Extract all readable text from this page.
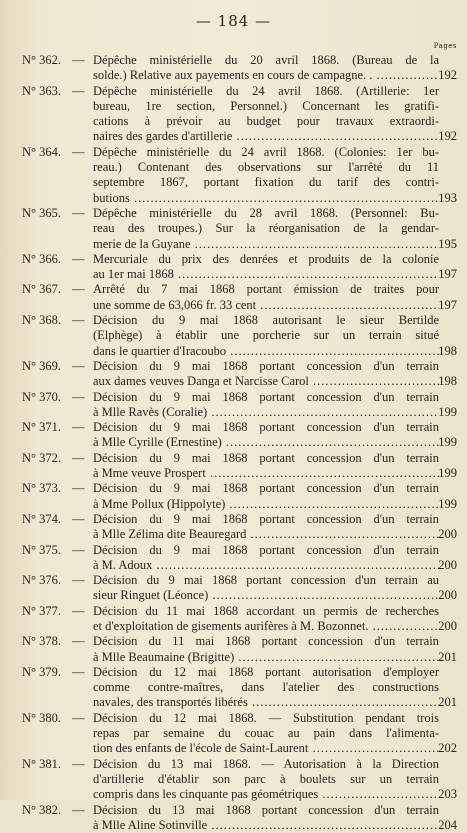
— 184 —
Pages
N° 362. — Dépêche ministérielle du 20 avril 1868. (Bureau de la
solde.) Relative aux payements en cours de campagne. . .....	192
N° 363. — Dépêche ministérielle du 24 avril 1868. (Artillerie: 1er
bureau, 1re section, Personnel.) Concernant les gratifi-
cations à prévoir au budget pour travaux extraordi-
naires des gardes d'artillerie .....	192
N° 364. — Dépêche ministérielle du 24 avril 1868. (Colonies: 1er bu-
reau.) Contenant des observations sur l'arrêté du 11
septembre 1867, portant fixation du tarif des contri-
butions .....	193
N° 365. — Dépêche ministérielle du 28 avril 1868. (Personnel: Bu-
reau des troupes.) Sur la réorganisation de la gendar-
merie de la Guyane .....	195
N° 366. — Mercuriale du prix des denrées et produits de la colonie
au 1er mai 1868 .....	197
N° 367. — Arrêté du 7 mai 1868 portant émission de traites pour
une somme de 63,066 fr. 33 cent .....	197
N° 368. — Décision du 9 mai 1868 autorisant le sieur Bertilde
(Elphège) à établir une porcherie sur un terrain situé
dans le quartier d'Iracoubo .....	198
N° 369. — Décision du 9 mai 1868 portant concession d'un terrain
aux dames veuves Danga et Narcisse Carol .....	198
N° 370. — Décision du 9 mai 1868 portant concession d'un terrain
à Mlle Ravès (Coralie) .....	199
N° 371. — Décision du 9 mai 1868 portant concession d'un terrain
à Mlle Cyrille (Ernestine) .....	199
N° 372. — Décision du 9 mai 1868 portant concession d'un terrain
à Mme veuve Prospert .....	199
N° 373. — Décision du 9 mai 1868 portant concession d'un terrain
à Mme Pollux (Hippolyte) .....	199
N° 374. — Décision du 9 mai 1868 portant concession d'un terrain
à Mlle Zélima dite Beauregard .....	200
N° 375. — Décision du 9 mai 1868 portant concession d'un terrain
à M. Adoux .....	200
N° 376. — Décision du 9 mai 1868 portant concession d'un terrain au
sieur Ringuet (Léonce) .....	200
N° 377. — Décision du 11 mai 1868 accordant un permis de recherches
et d'exploitation de gisements aurifères à M. Bozonnet. .....	200
N° 378. — Décision du 11 mai 1868 portant concession d'un terrain
à Mlle Beaumaine (Brigitte) .....	201
N° 379. — Décision du 12 mai 1868 portant autorisation d'employer
comme contre-maîtres, dans l'atelier des constructions
navales, des transportés libérés .....	201
N° 380. — Décision du 12 mai 1868. — Substitution pendant trois
repas par semaine du couac au pain dans l'alimenta-
tion des enfants de l'école de Saint-Laurent .....	202
N° 381. — Décision du 13 mai 1868. — Autorisation à la Direction
d'artillerie d'établir son parc à boulets sur un terrain
compris dans les cinquante pas géométriques .....	203
N° 382. — Décision du 13 mai 1868 portant concession d'un terrain
à Mlle Aline Sotinville .....	204
